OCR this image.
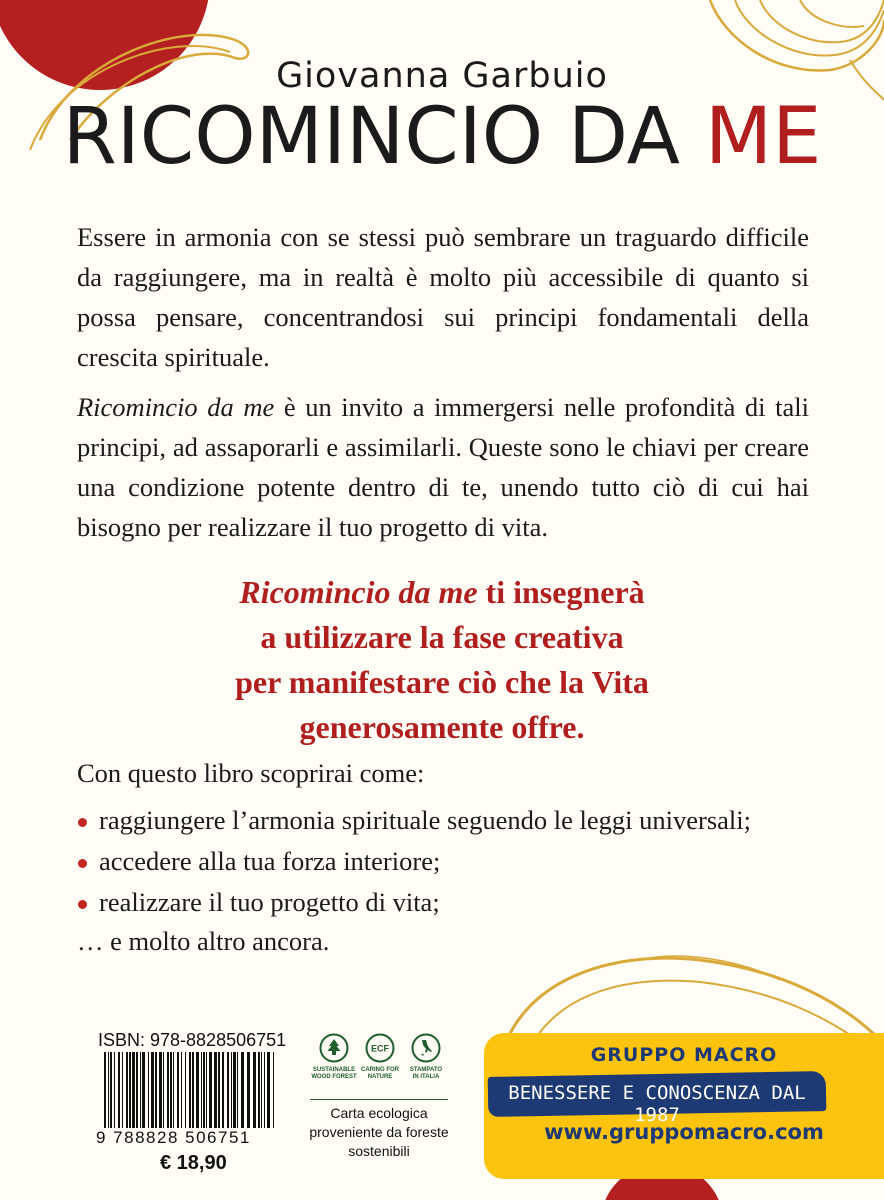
Giovanna Garbuio
RICOMINCIO DA ME
Essere in armonia con se stessi può sembrare un traguardo difficile da raggiungere, ma in realtà è molto più accessibile di quanto si possa pensare, concentrandosi sui principi fondamentali della crescita spirituale.
Ricomincio da me è un invito a immergersi nelle profondità di tali principi, ad assaporarli e assimilarli. Queste sono le chiavi per creare una condizione potente dentro di te, unendo tutto ciò di cui hai bisogno per realizzare il tuo progetto di vita.
Ricomincio da me ti insegnerà
a utilizzare la fase creativa
per manifestare ciò che la Vita
generosamente offre.
Con questo libro scoprirai come:
raggiungere l’armonia spirituale seguendo le leggi universali;
accedere alla tua forza interiore;
realizzare il tuo progetto di vita;
… e molto altro ancora.
ISBN: 978-8828506751
9 788828 506751
€ 18,90
SUSTAINABLE
WOOD FOREST
ECF
CARING FOR
NATURE
STAMPATO
IN ITALIA
Carta ecologica proveniente da foreste sostenibili
GRUPPO MACRO
BENESSERE E CONOSCENZA DAL 1987
www.gruppomacro.com
